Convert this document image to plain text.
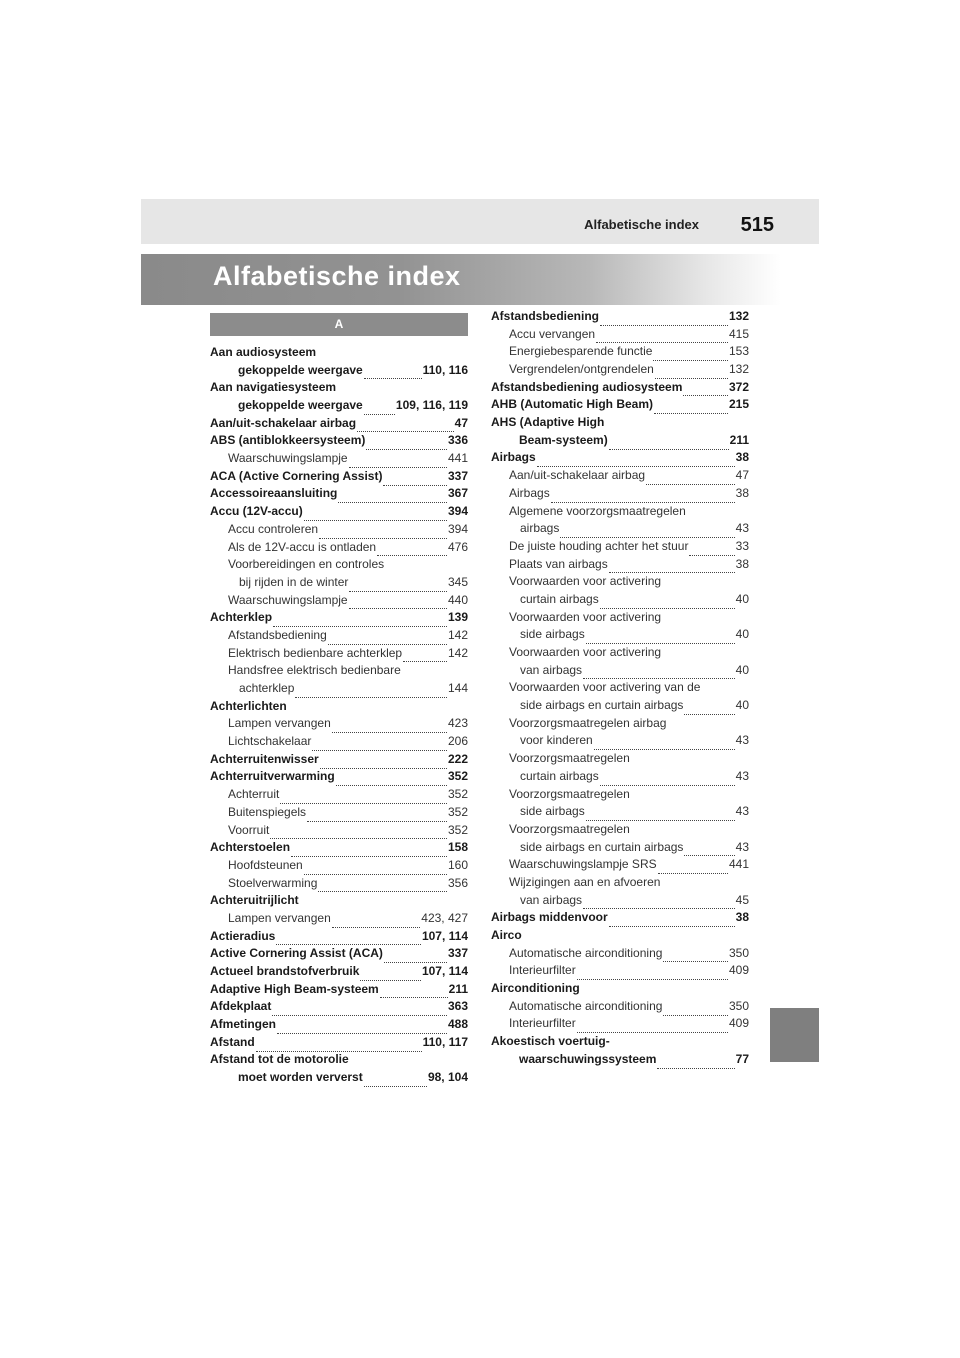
Alfabetische index 515
Alfabetische index
A
Aan audiosysteem
gekoppelde weergave	110, 116
Aan navigatiesysteem
gekoppelde weergave	109, 116, 119
Aan/uit-schakelaar airbag	47
ABS (antiblokkeersysteem)	336
Waarschuwingslampje	441
ACA (Active Cornering Assist)	337
Accessoireaansluiting	367
Accu (12V-accu)	394
Accu controleren	394
Als de 12V-accu is ontladen	476
Voorbereidingen en controles
bij rijden in de winter	345
Waarschuwingslampje	440
Achterklep	139
Afstandsbediening	142
Elektrisch bedienbare achterklep	142
Handsfree elektrisch bedienbare
achterklep	144
Achterlichten
Lampen vervangen	423
Lichtschakelaar	206
Achterruitenwisser	222
Achterruitverwarming	352
Achterruit	352
Buitenspiegels	352
Voorruit	352
Achterstoelen	158
Hoofdsteunen	160
Stoelverwarming	356
Achteruitrijlicht
Lampen vervangen	423, 427
Actieradius	107, 114
Active Cornering Assist (ACA)	337
Actueel brandstofverbruik	107, 114
Adaptive High Beam-systeem	211
Afdekplaat	363
Afmetingen	488
Afstand	110, 117
Afstand tot de motorolie
moet worden ververst	98, 104
Afstandsbediening	132
Accu vervangen	415
Energiebesparende functie	153
Vergrendelen/ontgrendelen	132
Afstandsbediening audiosysteem	372
AHB (Automatic High Beam)	215
AHS (Adaptive High
Beam-systeem)	211
Airbags	38
Aan/uit-schakelaar airbag	47
Airbags	38
Algemene voorzorgsmaatregelen
airbags	43
De juiste houding achter het stuur	33
Plaats van airbags	38
Voorwaarden voor activering
curtain airbags	40
Voorwaarden voor activering
side airbags	40
Voorwaarden voor activering
van airbags	40
Voorwaarden voor activering van de
side airbags en curtain airbags	40
Voorzorgsmaatregelen airbag
voor kinderen	43
Voorzorgsmaatregelen
curtain airbags	43
Voorzorgsmaatregelen
side airbags	43
Voorzorgsmaatregelen
side airbags en curtain airbags	43
Waarschuwingslampje SRS	441
Wijzigingen aan en afvoeren
van airbags	45
Airbags middenvoor	38
Airco
Automatische airconditioning	350
Interieurfilter	409
Airconditioning
Automatische airconditioning	350
Interieurfilter	409
Akoestisch voertuig-
waarschuwingssysteem	77
